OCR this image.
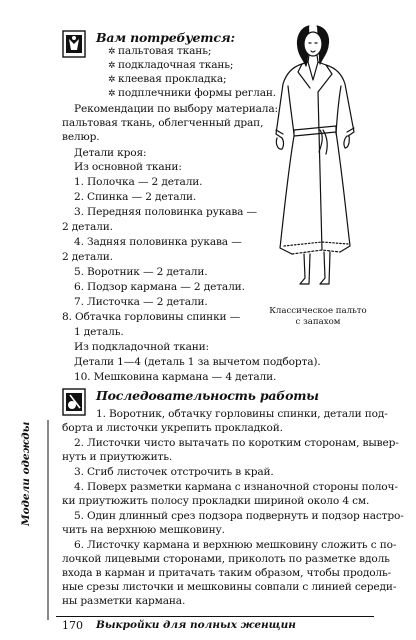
Вам потребуется:
✲ пальтовая ткань;
✲ подкладочная ткань;
✲ клеевая прокладка;
✲ подплечники формы реглан.
Рекомендации по выбору материала:
пальтовая ткань, облегченный драп,
велюр.
Детали кроя:
Из основной ткани:
1. Полочка — 2 детали.
2. Спинка — 2 детали.
3. Передняя половинка рукава —
2 детали.
4. Задняя половинка рукава —
2 детали.
5. Воротник — 2 детали.
6. Подзор кармана — 2 детали.
7. Листочка — 2 детали.
8. Обтачка горловины спинки —
1 деталь.
Из подкладочной ткани:
Детали 1—4 (деталь 1 за вычетом подборта).
10. Мешковина кармана — 4 детали.
Классическое пальто
с запахом
Последовательность работы
1. Воротник, обтачку горловины спинки, детали под-
борта и листочки укрепить прокладкой.
2. Листочки чисто вытачать по коротким сторонам, вывер-
нуть и приутюжить.
3. Сгиб листочек отстрочить в край.
4. Поверх разметки кармана с изнаночной стороны полоч-
ки приутюжить полосу прокладки шириной около 4 см.
5. Один длинный срез подзора подвернуть и подзор настро-
чить на верхнюю мешковину.
6. Листочку кармана и верхнюю мешковину сложить с по-
лочкой лицевыми сторонами, приколоть по разметке вдоль
входа в карман и притачать таким образом, чтобы продоль-
ные срезы листочки и мешковины совпали с линией середи-
ны разметки кармана.
Модели одежды
170 Выкройки для полных женщин
